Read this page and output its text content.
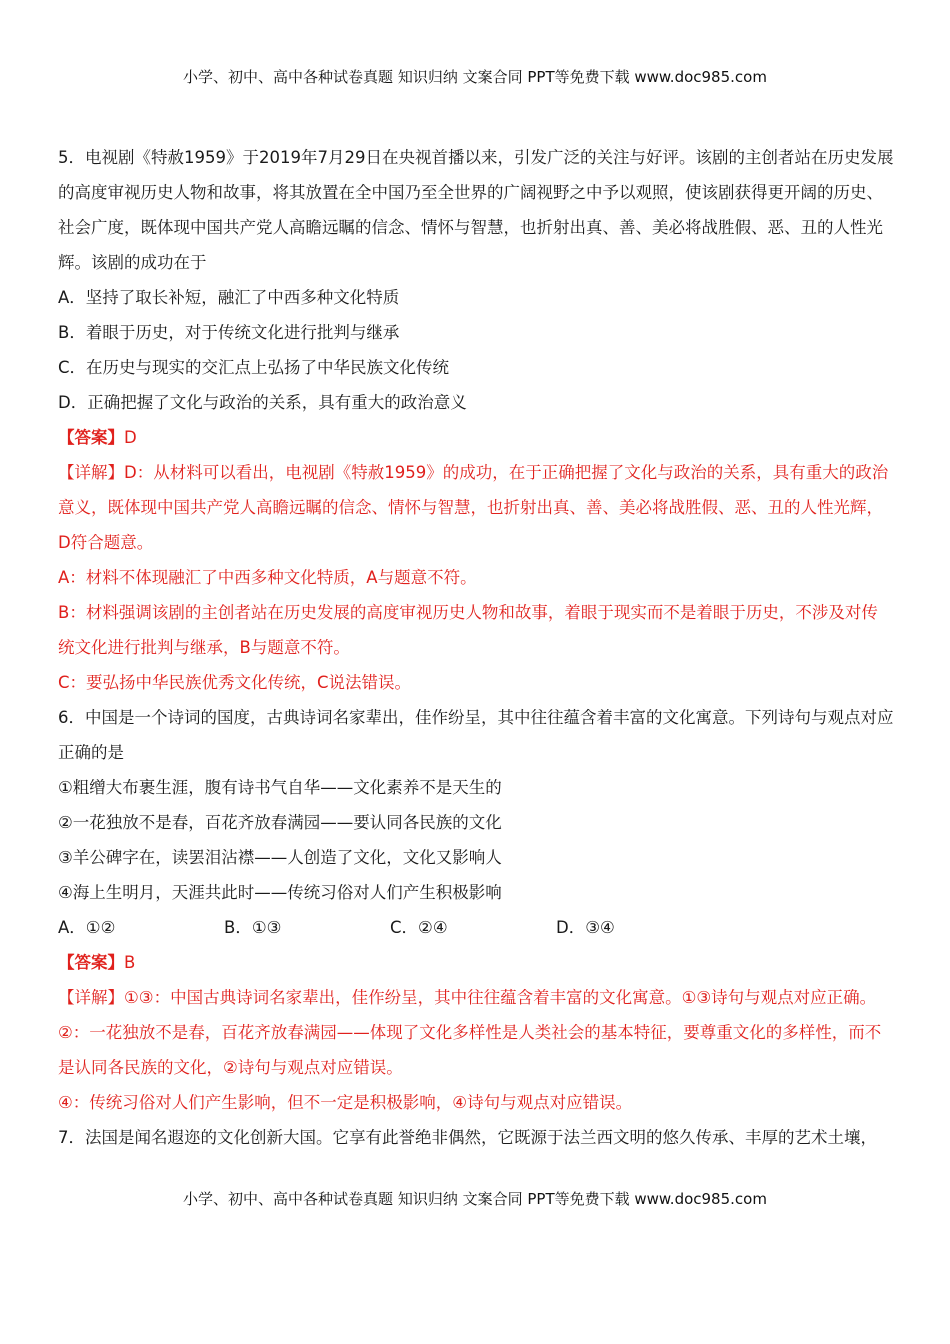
小学、初中、高中各种试卷真题 知识归纳 文案合同 PPT等免费下载 www.doc985.com

5．电视剧《特赦1959》于2019年7月29日在央视首播以来，引发广泛的关注与好评。该剧的主创者站在历史发展的高度审视历史人物和故事，将其放置在全中国乃至全世界的广阔视野之中予以观照，使该剧获得更开阔的历史、社会广度，既体现中国共产党人高瞻远瞩的信念、情怀与智慧，也折射出真、善、美必将战胜假、恶、丑的人性光辉。该剧的成功在于

A．坚持了取长补短，融汇了中西多种文化特质

B．着眼于历史，对于传统文化进行批判与继承

C．在历史与现实的交汇点上弘扬了中华民族文化传统

D．正确把握了文化与政治的关系，具有重大的政治意义

【答案】D

【详解】D：从材料可以看出，电视剧《特赦1959》的成功，在于正确把握了文化与政治的关系，具有重大的政治意义，既体现中国共产党人高瞻远瞩的信念、情怀与智慧，也折射出真、善、美必将战胜假、恶、丑的人性光辉，D符合题意。

A：材料不体现融汇了中西多种文化特质，A与题意不符。

B：材料强调该剧的主创者站在历史发展的高度审视历史人物和故事，着眼于现实而不是着眼于历史，不涉及对传统文化进行批判与继承，B与题意不符。

C：要弘扬中华民族优秀文化传统，C说法错误。

6．中国是一个诗词的国度，古典诗词名家辈出，佳作纷呈，其中往往蕴含着丰富的文化寓意。下列诗句与观点对应正确的是

①粗缯大布裹生涯，腹有诗书气自华——文化素养不是天生的

②一花独放不是春，百花齐放春满园——要认同各民族的文化

③羊公碑字在，读罢泪沾襟——人创造了文化，文化又影响人

④海上生明月，天涯共此时——传统习俗对人们产生积极影响

A．①②	B．①③	C．②④	D．③④

【答案】B

【详解】①③：中国古典诗词名家辈出，佳作纷呈，其中往往蕴含着丰富的文化寓意。①③诗句与观点对应正确。

②：一花独放不是春，百花齐放春满园——体现了文化多样性是人类社会的基本特征，要尊重文化的多样性，而不是认同各民族的文化，②诗句与观点对应错误。

④：传统习俗对人们产生影响，但不一定是积极影响，④诗句与观点对应错误。

7．法国是闻名遐迩的文化创新大国。它享有此誉绝非偶然，它既源于法兰西文明的悠久传承、丰厚的艺术土壤，

小学、初中、高中各种试卷真题 知识归纳 文案合同 PPT等免费下载 www.doc985.com
